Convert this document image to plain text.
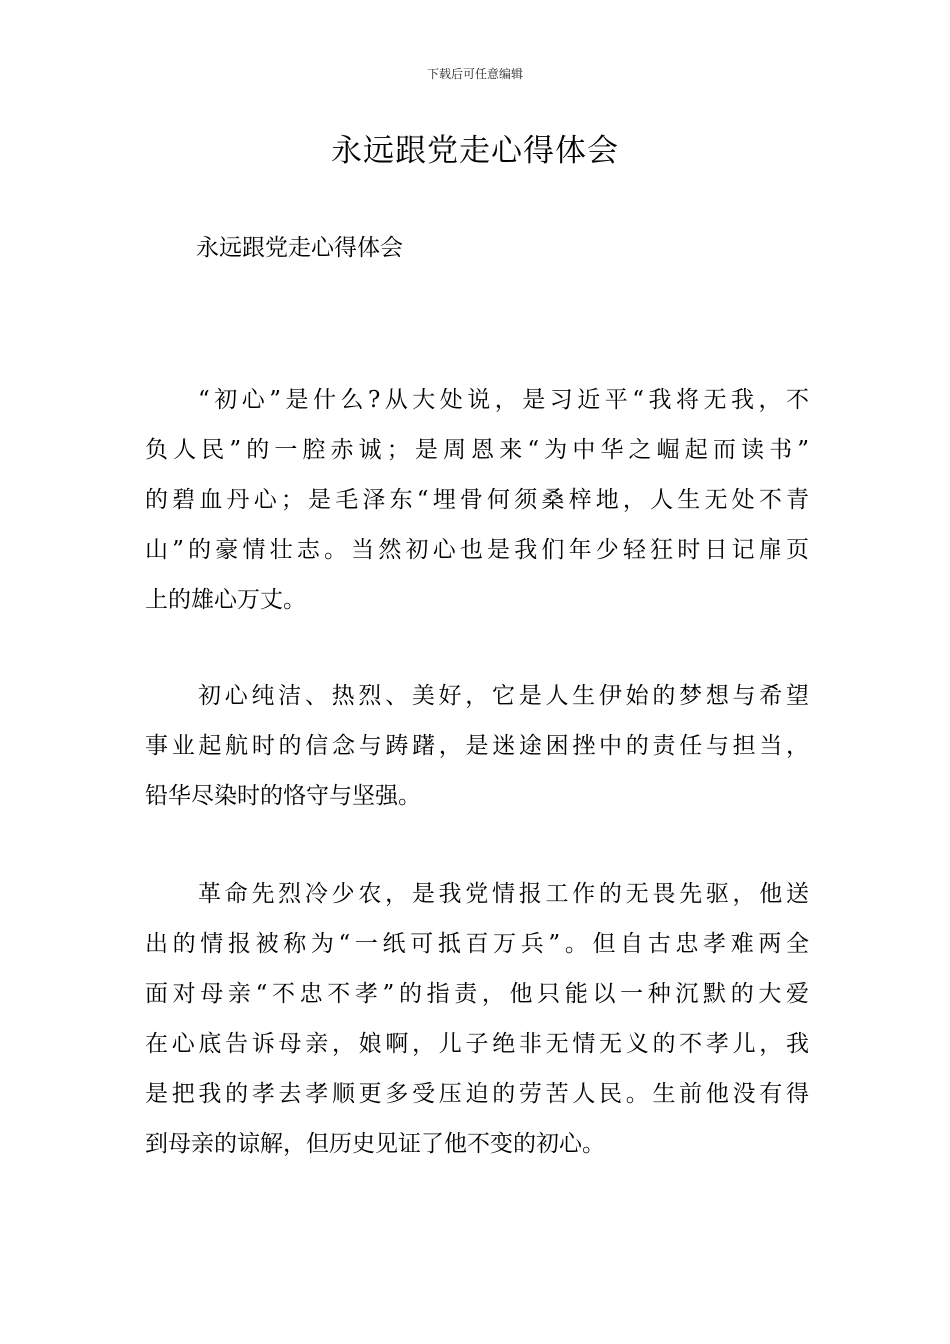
下载后可任意编辑
永远跟党走心得体会

永远跟党走心得体会

“初心”是什么?从大处说，是习近平“我将无我，不
负人民”的一腔赤诚；是周恩来“为中华之崛起而读书”
的碧血丹心；是毛泽东“埋骨何须桑梓地，人生无处不青
山”的豪情壮志。当然初心也是我们年少轻狂时日记扉页
上的雄心万丈。
初心纯洁、热烈、美好，它是人生伊始的梦想与希望
事业起航时的信念与踌躇，是迷途困挫中的责任与担当，
铅华尽染时的恪守与坚强。
革命先烈冷少农，是我党情报工作的无畏先驱，他送
出的情报被称为“一纸可抵百万兵”。但自古忠孝难两全
面对母亲“不忠不孝”的指责，他只能以一种沉默的大爱
在心底告诉母亲，娘啊，儿子绝非无情无义的不孝儿，我
是把我的孝去孝顺更多受压迫的劳苦人民。生前他没有得
到母亲的谅解，但历史见证了他不变的初心。
